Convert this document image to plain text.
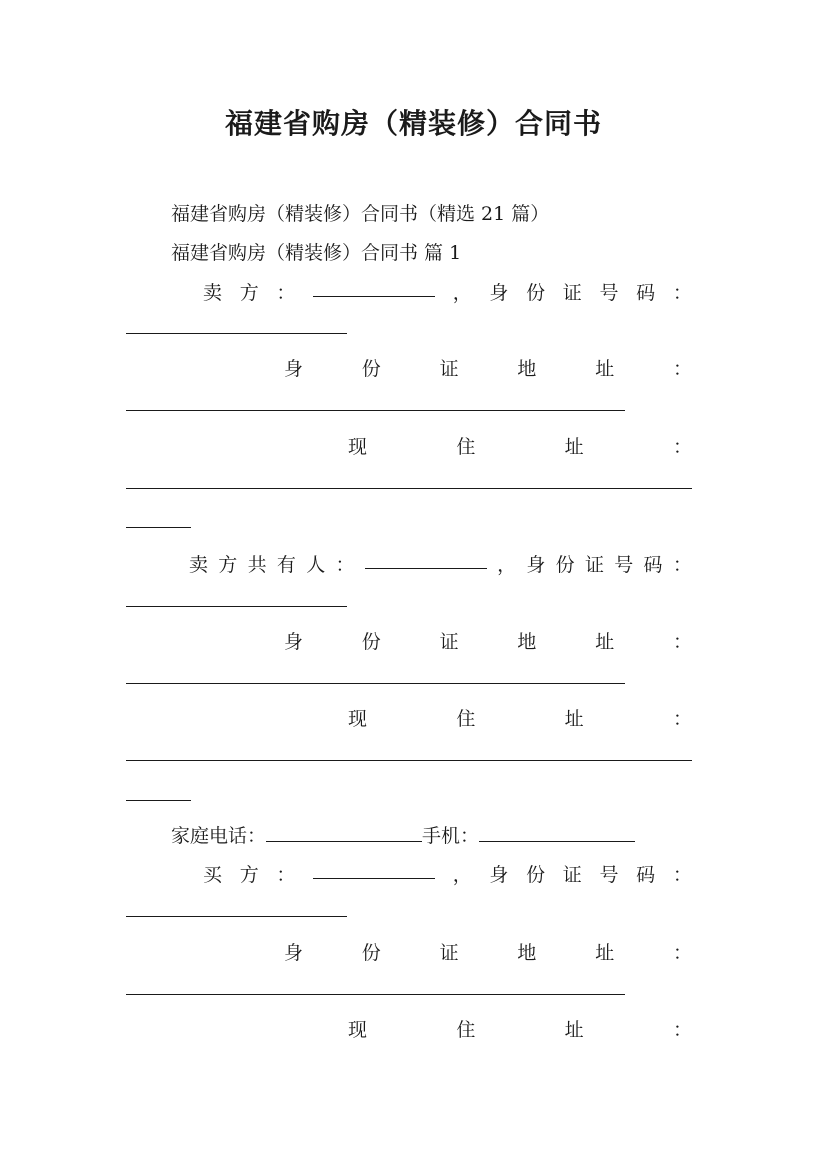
福建省购房（精装修）合同书
福建省购房（精装修）合同书（精选 21 篇）
福建省购房（精装修）合同书 篇 1
卖 方 ：	， 身 份 证 号 码 ：
身	份	证	地	址	：
现	住	址	：
卖 方 共 有 人 ：	， 身 份 证 号 码 ：
身	份	证	地	址	：
现	住	址	：
家庭电话：	手机：
买 方 ：	， 身 份 证 号 码 ：
身	份	证	地	址	：
现	住	址	：
